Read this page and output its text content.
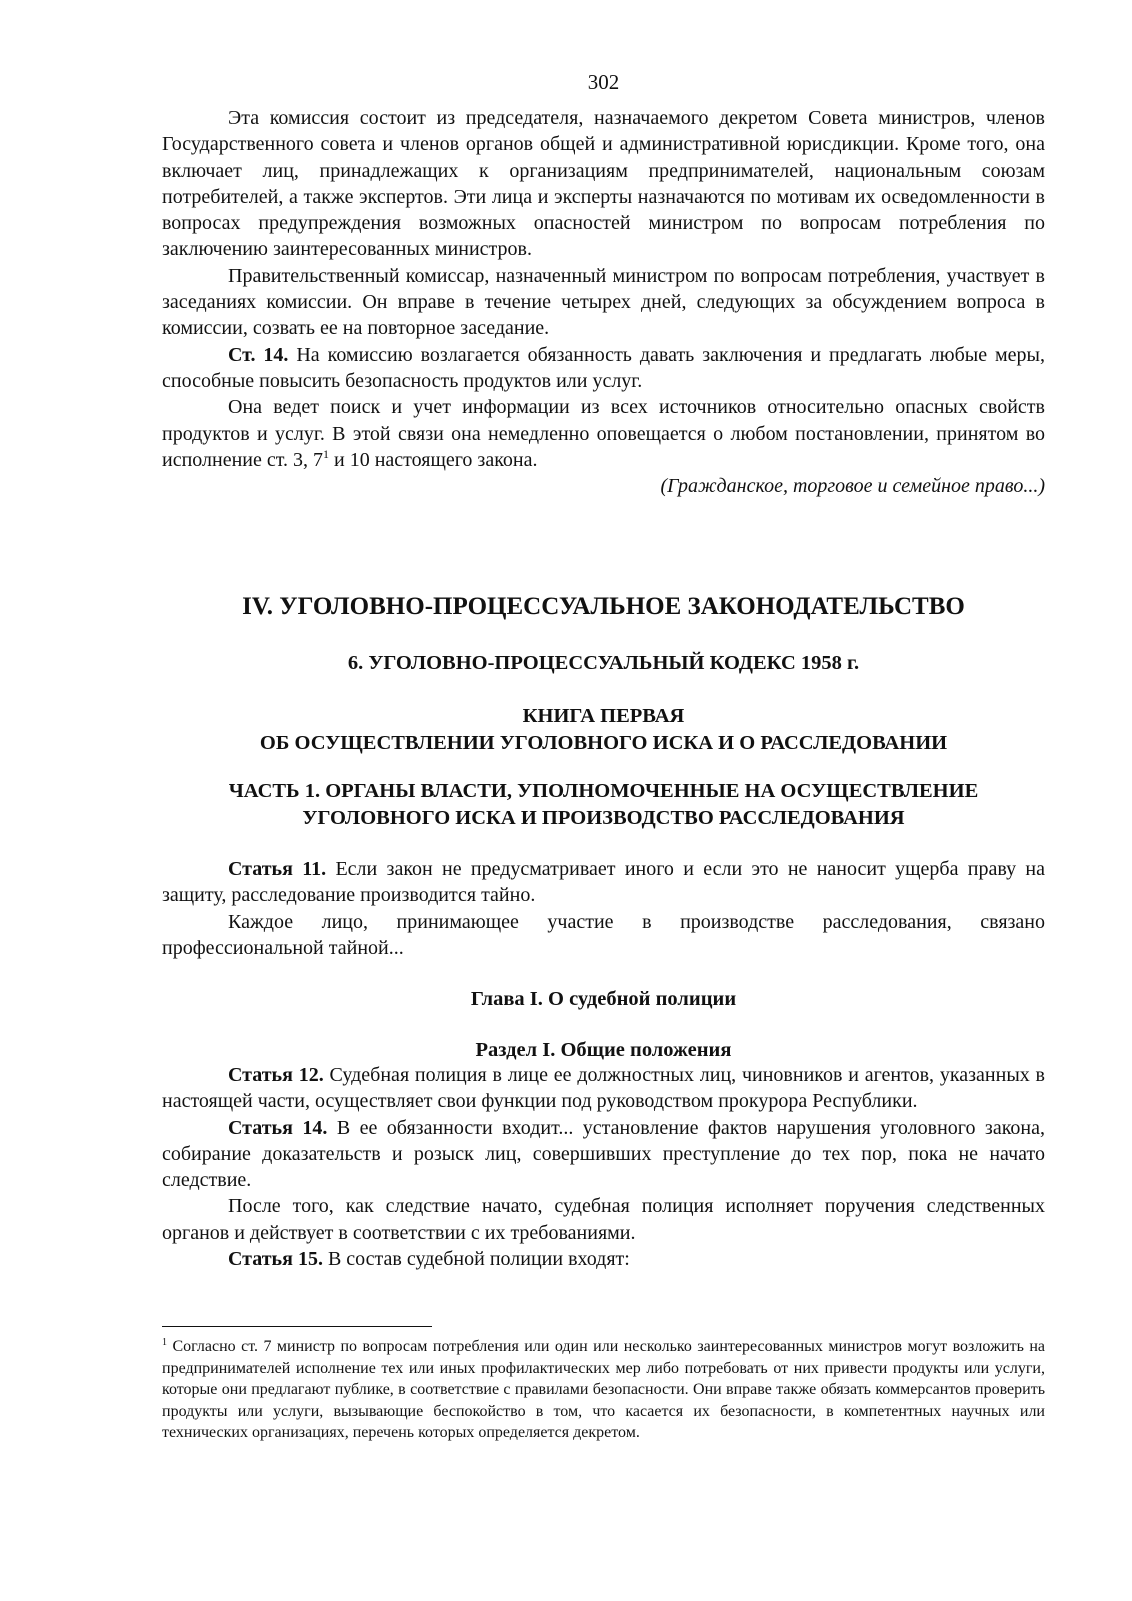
302

Эта комиссия состоит из председателя, назначаемого декретом Совета министров, членов Государственного совета и членов органов общей и административной юрисдикции. Кроме того, она включает лиц, принадлежащих к организациям предпринимателей, национальным союзам потребителей, а также экспертов. Эти лица и эксперты назначаются по мотивам их осведомленности в вопросах предупреждения возможных опасностей министром по вопросам потребления по заключению заинтересованных министров.

Правительственный комиссар, назначенный министром по вопросам потребления, участвует в заседаниях комиссии. Он вправе в течение четырех дней, следующих за обсуждением вопроса в комиссии, созвать ее на повторное заседание.

Ст. 14. На комиссию возлагается обязанность давать заключения и предлагать любые меры, способные повысить безопасность продуктов или услуг.

Она ведет поиск и учет информации из всех источников относительно опасных свойств продуктов и услуг. В этой связи она немедленно оповещается о любом постановлении, принятом во исполнение ст. 3, $7^1$ и 10 настоящего закона.

(Гражданское, торговое и семейное право...)

IV. УГОЛОВНО-ПРОЦЕССУАЛЬНОЕ ЗАКОНОДАТЕЛЬСТВО
6. УГОЛОВНО-ПРОЦЕССУАЛЬНЫЙ КОДЕКС 1958 г.
КНИГА ПЕРВАЯ
ОБ ОСУЩЕСТВЛЕНИИ УГОЛОВНОГО ИСКА И О РАССЛЕДОВАНИИ
ЧАСТЬ 1. ОРГАНЫ ВЛАСТИ, УПОЛНОМОЧЕННЫЕ НА ОСУЩЕСТВЛЕНИЕ
УГОЛОВНОГО ИСКА И ПРОИЗВОДСТВО РАССЛЕДОВАНИЯ

Статья 11. Если закон не предусматривает иного и если это не наносит ущерба праву на защиту, расследование производится тайно.

Каждое лицо, принимающее участие в производстве расследования, связано профессиональной тайной...

Глава I. О судебной полиции
Раздел I. Общие положения

Статья 12. Судебная полиция в лице ее должностных лиц, чиновников и агентов, указанных в настоящей части, осуществляет свои функции под руководством прокурора Республики.

Статья 14. В ее обязанности входит... установление фактов нарушения уголовного закона, собирание доказательств и розыск лиц, совершивших преступление до тех пор, пока не начато следствие.

После того, как следствие начато, судебная полиция исполняет поручения следственных органов и действует в соответствии с их требованиями.

Статья 15. В состав судебной полиции входят:

$^1$ Согласно ст. 7 министр по вопросам потребления или один или несколько заинтересованных министров могут возложить на предпринимателей исполнение тех или иных профилактических мер либо потребовать от них привести продукты или услуги, которые они предлагают публике, в соответствие с правилами безопасности. Они вправе также обязать коммерсантов проверить продукты или услуги, вызывающие беспокойство в том, что касается их безопасности, в компетентных научных или технических организациях, перечень которых определяется декретом.
